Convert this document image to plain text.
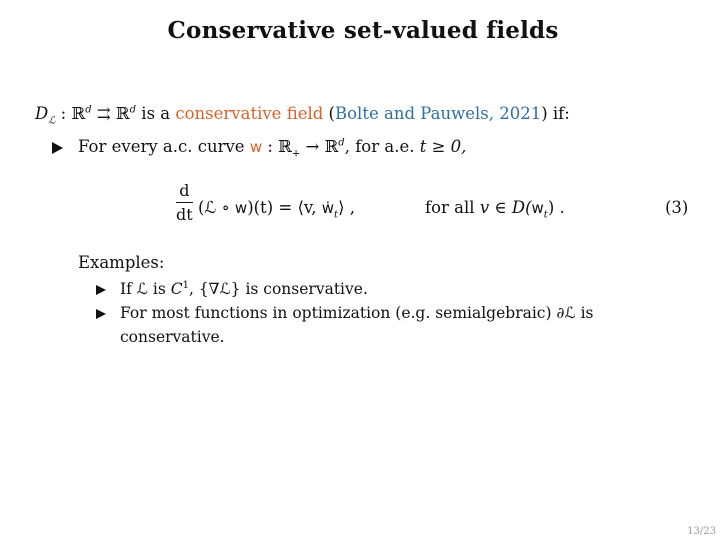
Conservative set-valued fields
$D_ℒ$ : ℝ$^d$ ⇉ ℝ$^d$ is a conservative field (Bolte and Pauwels, 2021) if:
For every a.c. curve w : ℝ$_+$ → ℝ$^d$, for a.e. t ≥ 0,
d
dt (ℒ ∘ w)(t) = ⟨v, ẇ$_t$⟩ ,	for all v ∈ $D(w_t)$ .	(3)
Examples:
If ℒ is $C^1$, {∇ℒ} is conservative.
For most functions in optimization (e.g. semialgebraic) ∂ℒ is
conservative.
13/23
